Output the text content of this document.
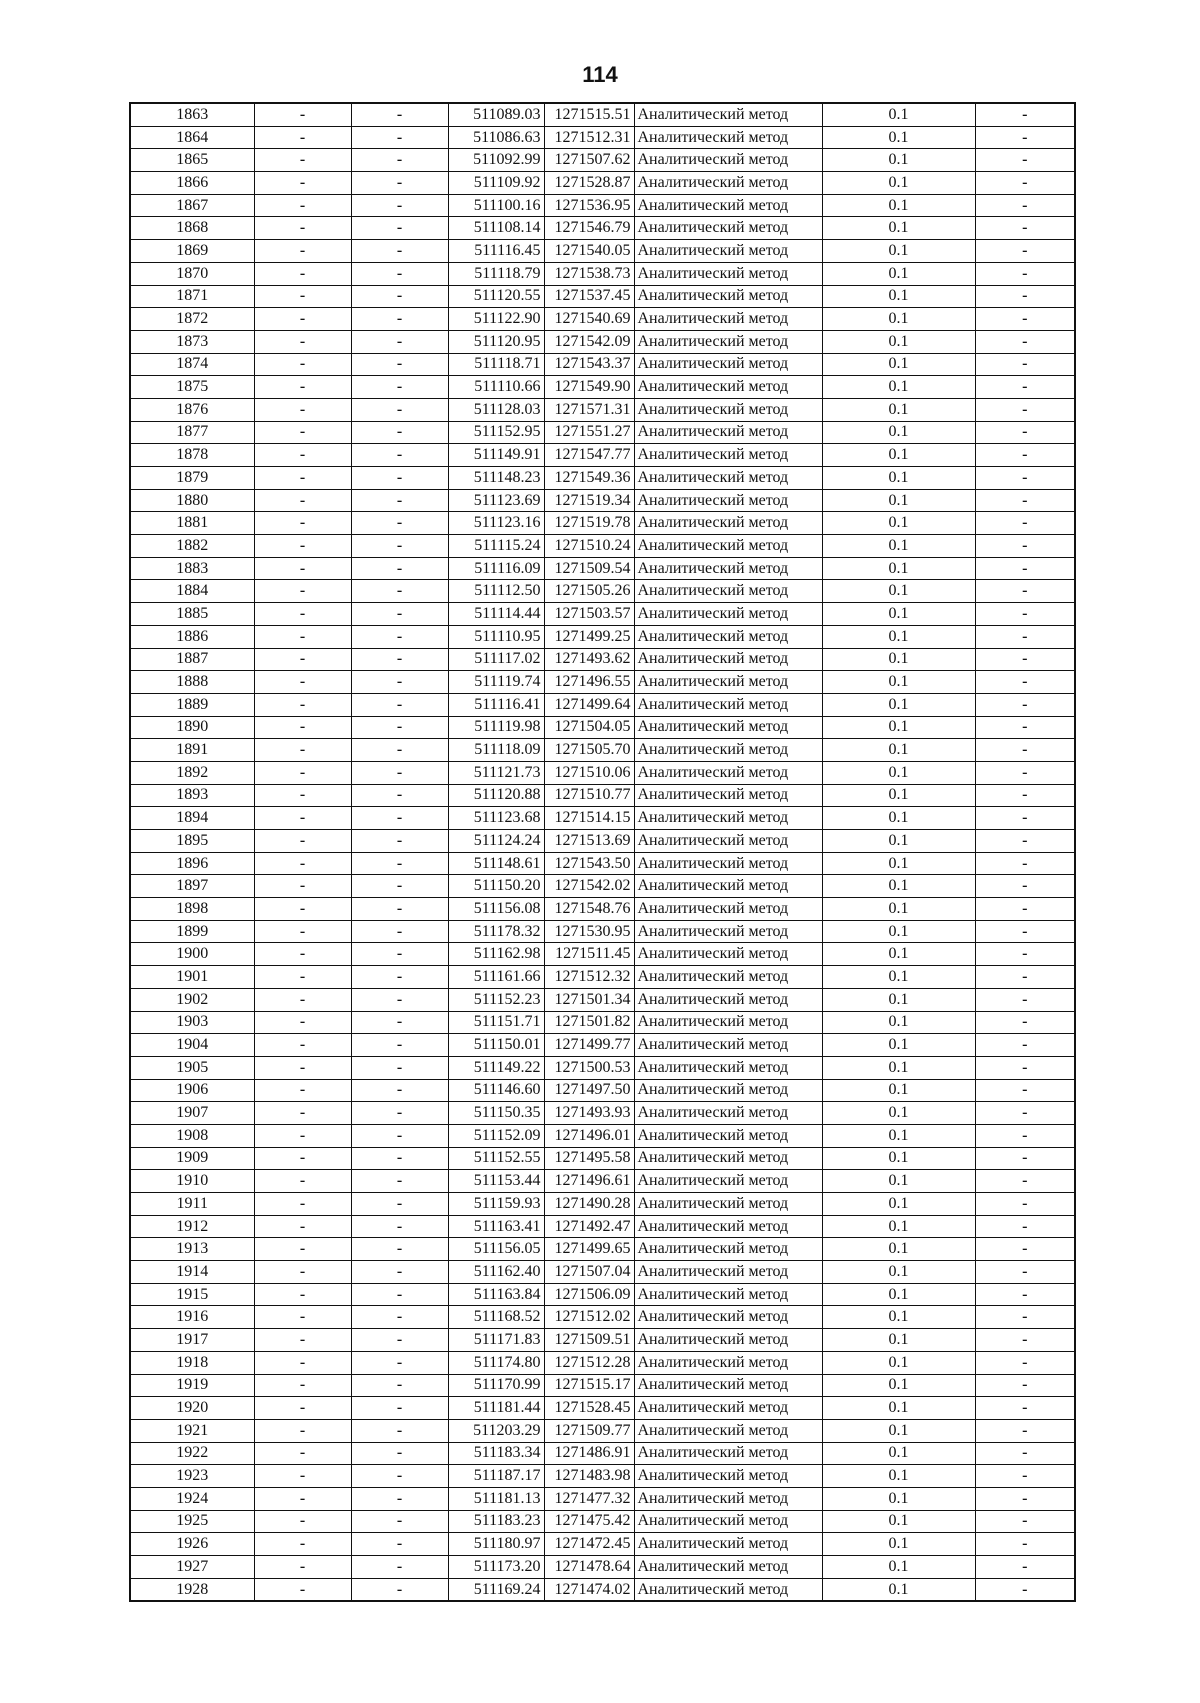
114
1863	-	-	511089.03	1271515.51	Аналитический метод	0.1	-
1864	-	-	511086.63	1271512.31	Аналитический метод	0.1	-
1865	-	-	511092.99	1271507.62	Аналитический метод	0.1	-
1866	-	-	511109.92	1271528.87	Аналитический метод	0.1	-
1867	-	-	511100.16	1271536.95	Аналитический метод	0.1	-
1868	-	-	511108.14	1271546.79	Аналитический метод	0.1	-
1869	-	-	511116.45	1271540.05	Аналитический метод	0.1	-
1870	-	-	511118.79	1271538.73	Аналитический метод	0.1	-
1871	-	-	511120.55	1271537.45	Аналитический метод	0.1	-
1872	-	-	511122.90	1271540.69	Аналитический метод	0.1	-
1873	-	-	511120.95	1271542.09	Аналитический метод	0.1	-
1874	-	-	511118.71	1271543.37	Аналитический метод	0.1	-
1875	-	-	511110.66	1271549.90	Аналитический метод	0.1	-
1876	-	-	511128.03	1271571.31	Аналитический метод	0.1	-
1877	-	-	511152.95	1271551.27	Аналитический метод	0.1	-
1878	-	-	511149.91	1271547.77	Аналитический метод	0.1	-
1879	-	-	511148.23	1271549.36	Аналитический метод	0.1	-
1880	-	-	511123.69	1271519.34	Аналитический метод	0.1	-
1881	-	-	511123.16	1271519.78	Аналитический метод	0.1	-
1882	-	-	511115.24	1271510.24	Аналитический метод	0.1	-
1883	-	-	511116.09	1271509.54	Аналитический метод	0.1	-
1884	-	-	511112.50	1271505.26	Аналитический метод	0.1	-
1885	-	-	511114.44	1271503.57	Аналитический метод	0.1	-
1886	-	-	511110.95	1271499.25	Аналитический метод	0.1	-
1887	-	-	511117.02	1271493.62	Аналитический метод	0.1	-
1888	-	-	511119.74	1271496.55	Аналитический метод	0.1	-
1889	-	-	511116.41	1271499.64	Аналитический метод	0.1	-
1890	-	-	511119.98	1271504.05	Аналитический метод	0.1	-
1891	-	-	511118.09	1271505.70	Аналитический метод	0.1	-
1892	-	-	511121.73	1271510.06	Аналитический метод	0.1	-
1893	-	-	511120.88	1271510.77	Аналитический метод	0.1	-
1894	-	-	511123.68	1271514.15	Аналитический метод	0.1	-
1895	-	-	511124.24	1271513.69	Аналитический метод	0.1	-
1896	-	-	511148.61	1271543.50	Аналитический метод	0.1	-
1897	-	-	511150.20	1271542.02	Аналитический метод	0.1	-
1898	-	-	511156.08	1271548.76	Аналитический метод	0.1	-
1899	-	-	511178.32	1271530.95	Аналитический метод	0.1	-
1900	-	-	511162.98	1271511.45	Аналитический метод	0.1	-
1901	-	-	511161.66	1271512.32	Аналитический метод	0.1	-
1902	-	-	511152.23	1271501.34	Аналитический метод	0.1	-
1903	-	-	511151.71	1271501.82	Аналитический метод	0.1	-
1904	-	-	511150.01	1271499.77	Аналитический метод	0.1	-
1905	-	-	511149.22	1271500.53	Аналитический метод	0.1	-
1906	-	-	511146.60	1271497.50	Аналитический метод	0.1	-
1907	-	-	511150.35	1271493.93	Аналитический метод	0.1	-
1908	-	-	511152.09	1271496.01	Аналитический метод	0.1	-
1909	-	-	511152.55	1271495.58	Аналитический метод	0.1	-
1910	-	-	511153.44	1271496.61	Аналитический метод	0.1	-
1911	-	-	511159.93	1271490.28	Аналитический метод	0.1	-
1912	-	-	511163.41	1271492.47	Аналитический метод	0.1	-
1913	-	-	511156.05	1271499.65	Аналитический метод	0.1	-
1914	-	-	511162.40	1271507.04	Аналитический метод	0.1	-
1915	-	-	511163.84	1271506.09	Аналитический метод	0.1	-
1916	-	-	511168.52	1271512.02	Аналитический метод	0.1	-
1917	-	-	511171.83	1271509.51	Аналитический метод	0.1	-
1918	-	-	511174.80	1271512.28	Аналитический метод	0.1	-
1919	-	-	511170.99	1271515.17	Аналитический метод	0.1	-
1920	-	-	511181.44	1271528.45	Аналитический метод	0.1	-
1921	-	-	511203.29	1271509.77	Аналитический метод	0.1	-
1922	-	-	511183.34	1271486.91	Аналитический метод	0.1	-
1923	-	-	511187.17	1271483.98	Аналитический метод	0.1	-
1924	-	-	511181.13	1271477.32	Аналитический метод	0.1	-
1925	-	-	511183.23	1271475.42	Аналитический метод	0.1	-
1926	-	-	511180.97	1271472.45	Аналитический метод	0.1	-
1927	-	-	511173.20	1271478.64	Аналитический метод	0.1	-
1928	-	-	511169.24	1271474.02	Аналитический метод	0.1	-
